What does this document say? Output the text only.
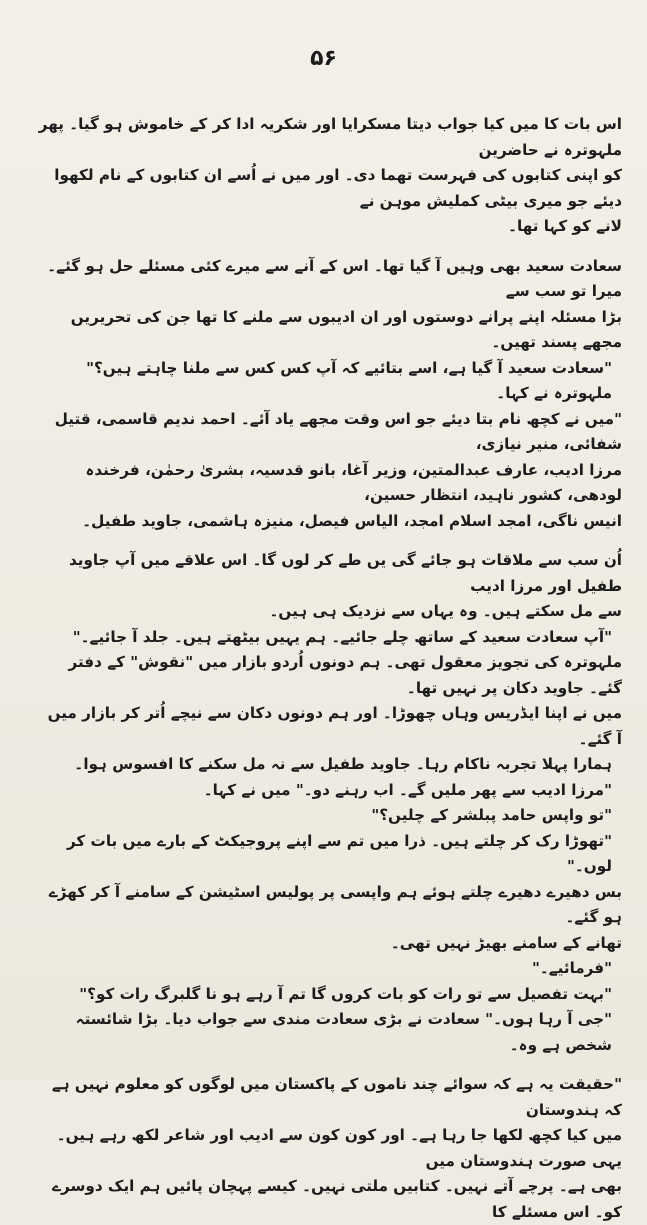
۵۶

اس بات کا میں کیا جواب دیتا مسکرایا اور شکریہ ادا کر کے خاموش ہو گیا۔ پھر ملہوترہ نے حاضرین

کو اپنی کتابوں کی فہرست تھما دی۔ اور میں نے اُسے ان کتابوں کے نام لکھوا دیئے جو میری بیٹی کملیش موہن نے

لانے کو کہا تھا۔

سعادت سعید بھی وہیں آ گیا تھا۔ اس کے آنے سے میرے کئی مسئلے حل ہو گئے۔ میرا تو سب سے

بڑا مسئلہ اپنے پرانے دوستوں اور ان ادیبوں سے ملنے کا تھا جن کی تحریریں مجھے پسند تھیں۔

"سعادت سعید آ گیا ہے، اسے بتائیے کہ آپ کس کس سے ملنا چاہتے ہیں؟" ملہوترہ نے کہا۔

"میں نے کچھ نام بتا دیئے جو اس وقت مجھے یاد آئے۔ احمد ندیم قاسمی، قتیل شفائی، منیر نیازی،

مرزا ادیب، عارف عبدالمتین، وزیر آغا، بانو قدسیہ، بشریٰ رحمٰن، فرخندہ لودھی، کشور ناہید، انتظار حسین،

انیس ناگی، امجد اسلام امجد، الیاس فیصل، منیزہ ہاشمی، جاوید طفیل۔

اُن سب سے ملاقات ہو جائے گی یں طے کر لوں گا۔ اس علاقے میں آپ جاوید طفیل اور مرزا ادیب

سے مل سکتے ہیں۔ وہ یہاں سے نزدیک ہی ہیں۔

"آپ سعادت سعید کے ساتھ چلے جائیے۔ ہم یہیں بیٹھتے ہیں۔ جلد آ جائیے۔"

ملہوترہ کی تجویز معقول تھی۔ ہم دونوں اُردو بازار میں "نقوش" کے دفتر گئے۔ جاوید دکان پر نہیں تھا۔

میں نے اپنا ایڈریس وہاں چھوڑا۔ اور ہم دونوں دکان سے نیچے اُتر کر بازار میں آ گئے۔

ہمارا پہلا تجربہ ناکام رہا۔ جاوید طفیل سے نہ مل سکنے کا افسوس ہوا۔

"مرزا ادیب سے پھر ملیں گے۔ اب رہنے دو۔" میں نے کہا۔

"تو واپس حامد پبلشر کے چلیں؟"

"تھوڑا رک کر چلتے ہیں۔ ذرا میں تم سے اپنے پروجیکٹ کے بارے میں بات کر لوں۔"

بس دھیرے دھیرے چلتے ہوئے ہم واپسی پر پولیس اسٹیشن کے سامنے آ کر کھڑے ہو گئے۔

تھانے کے سامنے بھیڑ نہیں تھی۔

"فرمائیے۔"

"بہت تفصیل سے تو رات کو بات کروں گا تم آ رہے ہو نا گلبرگ رات کو؟"

"جی آ رہا ہوں۔" سعادت نے بڑی سعادت مندی سے جواب دیا۔ بڑا شائستہ شخص ہے وہ۔

"حقیقت یہ ہے کہ سوائے چند ناموں کے پاکستان میں لوگوں کو معلوم نہیں ہے کہ ہندوستان

میں کیا کچھ لکھا جا رہا ہے۔ اور کون کون سے ادیب اور شاعر لکھ رہے ہیں۔ یہی صورت ہندوستان میں

بھی ہے۔ پرچے آتے نہیں۔ کتابیں ملتی نہیں۔ کیسے پہچان پائیں ہم ایک دوسرے کو۔ اس مسئلے کا
